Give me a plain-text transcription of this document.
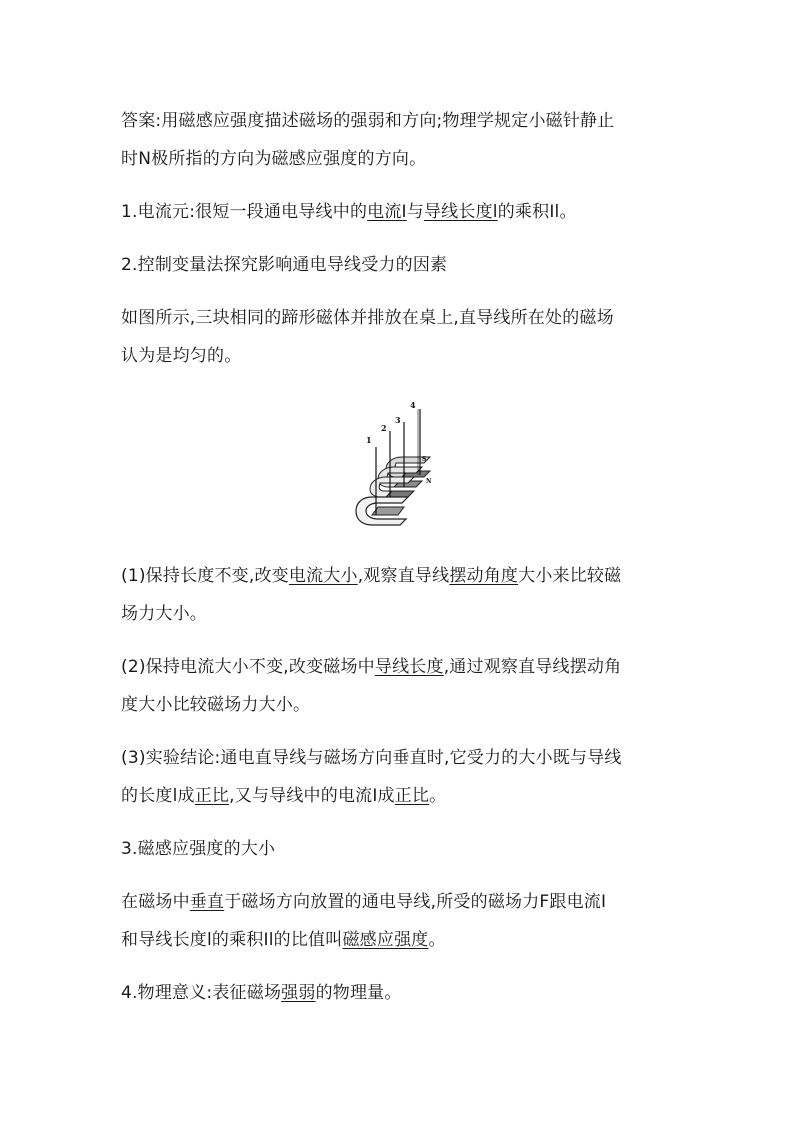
答案:用磁感应强度描述磁场的强弱和方向;物理学规定小磁针静止

时N极所指的方向为磁感应强度的方向。

1.电流元:很短一段通电导线中的电流I与导线长度l的乘积Il。

2.控制变量法探究影响通电导线受力的因素

如图所示,三块相同的蹄形磁体并排放在桌上,直导线所在处的磁场

认为是均匀的。

1
2
3
4
S
N

(1)保持长度不变,改变电流大小,观察直导线摆动角度大小来比较磁

场力大小。

(2)保持电流大小不变,改变磁场中导线长度,通过观察直导线摆动角

度大小比较磁场力大小。

(3)实验结论:通电直导线与磁场方向垂直时,它受力的大小既与导线

的长度l成正比,又与导线中的电流I成正比。

3.磁感应强度的大小

在磁场中垂直于磁场方向放置的通电导线,所受的磁场力F跟电流I

和导线长度l的乘积Il的比值叫磁感应强度。

4.物理意义:表征磁场强弱的物理量。
